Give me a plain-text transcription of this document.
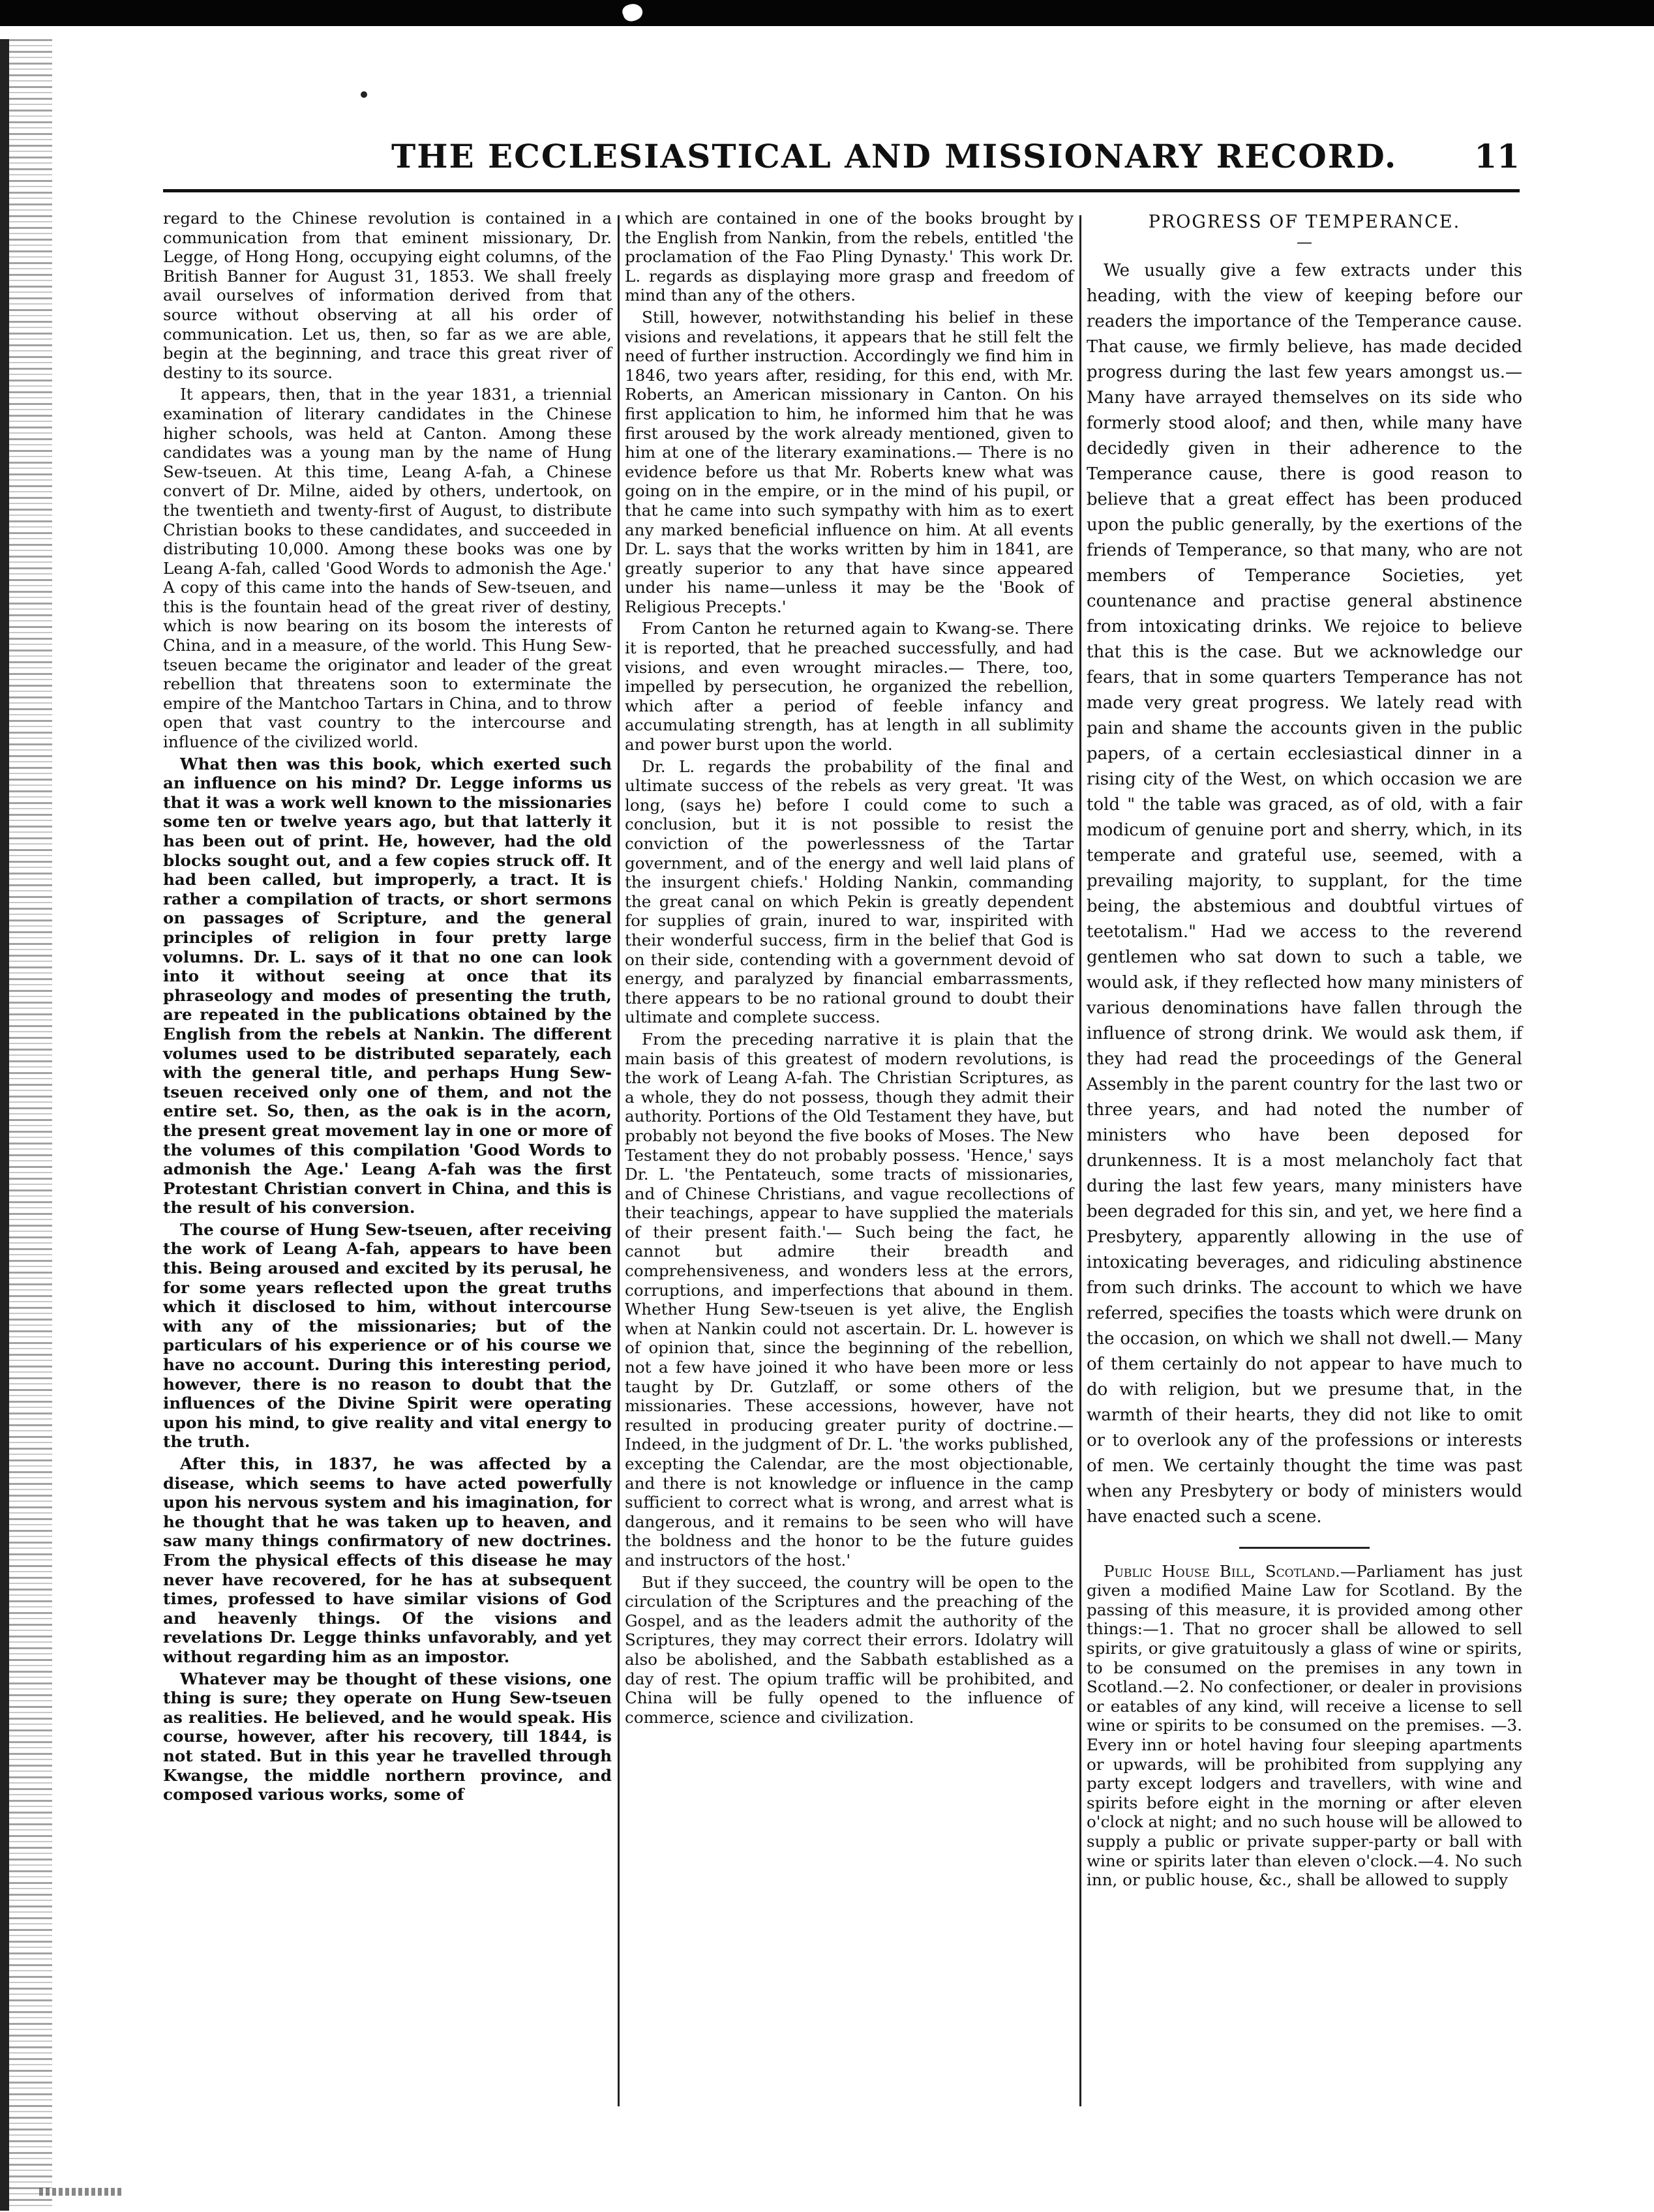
THE ECCLESIASTICAL AND MISSIONARY RECORD. 11

regard to the Chinese revolution is contained in a communication from that eminent missionary, Dr. Legge, of Hong Hong, occupying eight columns, of the British Banner for August 31, 1853. We shall freely avail ourselves of information derived from that source without observing at all his order of communication. Let us, then, so far as we are able, begin at the beginning, and trace this great river of destiny to its source.

It appears, then, that in the year 1831, a triennial examination of literary candidates in the Chinese higher schools, was held at Canton. Among these candidates was a young man by the name of Hung Sew-tseuen. At this time, Leang A-fah, a Chinese convert of Dr. Milne, aided by others, undertook, on the twentieth and twenty-first of August, to distribute Christian books to these candidates, and succeeded in distributing 10,000. Among these books was one by Leang A-fah, called 'Good Words to admonish the Age.' A copy of this came into the hands of Sew-tseuen, and this is the fountain head of the great river of destiny, which is now bearing on its bosom the interests of China, and in a measure, of the world. This Hung Sew-tseuen became the originator and leader of the great rebellion that threatens soon to exterminate the empire of the Mantchoo Tartars in China, and to throw open that vast country to the intercourse and influence of the civilized world.

What then was this book, which exerted such an influence on his mind? Dr. Legge informs us that it was a work well known to the missionaries some ten or twelve years ago, but that latterly it has been out of print. He, however, had the old blocks sought out, and a few copies struck off. It had been called, but improperly, a tract. It is rather a compilation of tracts, or short sermons on passages of Scripture, and the general principles of religion in four pretty large volumns. Dr. L. says of it that no one can look into it without seeing at once that its phraseology and modes of presenting the truth, are repeated in the publications obtained by the English from the rebels at Nankin. The different volumes used to be distributed separately, each with the general title, and perhaps Hung Sew-tseuen received only one of them, and not the entire set. So, then, as the oak is in the acorn, the present great movement lay in one or more of the volumes of this compilation 'Good Words to admonish the Age.' Leang A-fah was the first Protestant Christian convert in China, and this is the result of his conversion.

The course of Hung Sew-tseuen, after receiving the work of Leang A-fah, appears to have been this. Being aroused and excited by its perusal, he for some years reflected upon the great truths which it disclosed to him, without intercourse with any of the missionaries; but of the particulars of his experience or of his course we have no account. During this interesting period, however, there is no reason to doubt that the influences of the Divine Spirit were operating upon his mind, to give reality and vital energy to the truth.

After this, in 1837, he was affected by a disease, which seems to have acted powerfully upon his nervous system and his imagination, for he thought that he was taken up to heaven, and saw many things confirmatory of new doctrines. From the physical effects of this disease he may never have recovered, for he has at subsequent times, professed to have similar visions of God and heavenly things. Of the visions and revelations Dr. Legge thinks unfavorably, and yet without regarding him as an impostor.

Whatever may be thought of these visions, one thing is sure; they operate on Hung Sew-tseuen as realities. He believed, and he would speak. His course, however, after his recovery, till 1844, is not stated. But in this year he travelled through Kwangse, the middle northern province, and composed various works, some of

which are contained in one of the books brought by the English from Nankin, from the rebels, entitled 'the proclamation of the Fao Pling Dynasty.' This work Dr. L. regards as displaying more grasp and freedom of mind than any of the others.

Still, however, notwithstanding his belief in these visions and revelations, it appears that he still felt the need of further instruction. Accordingly we find him in 1846, two years after, residing, for this end, with Mr. Roberts, an American missionary in Canton. On his first application to him, he informed him that he was first aroused by the work already mentioned, given to him at one of the literary examinations.— There is no evidence before us that Mr. Roberts knew what was going on in the empire, or in the mind of his pupil, or that he came into such sympathy with him as to exert any marked beneficial influence on him. At all events Dr. L. says that the works written by him in 1841, are greatly superior to any that have since appeared under his name—unless it may be the 'Book of Religious Precepts.'

From Canton he returned again to Kwang-se. There it is reported, that he preached successfully, and had visions, and even wrought miracles.— There, too, impelled by persecution, he organized the rebellion, which after a period of feeble infancy and accumulating strength, has at length in all sublimity and power burst upon the world.

Dr. L. regards the probability of the final and ultimate success of the rebels as very great. 'It was long, (says he) before I could come to such a conclusion, but it is not possible to resist the conviction of the powerlessness of the Tartar government, and of the energy and well laid plans of the insurgent chiefs.' Holding Nankin, commanding the great canal on which Pekin is greatly dependent for supplies of grain, inured to war, inspirited with their wonderful success, firm in the belief that God is on their side, contending with a government devoid of energy, and paralyzed by financial embarrassments, there appears to be no rational ground to doubt their ultimate and complete success.

From the preceding narrative it is plain that the main basis of this greatest of modern revolutions, is the work of Leang A-fah. The Christian Scriptures, as a whole, they do not possess, though they admit their authority. Portions of the Old Testament they have, but probably not beyond the five books of Moses. The New Testament they do not probably possess. 'Hence,' says Dr. L. 'the Pentateuch, some tracts of missionaries, and of Chinese Christians, and vague recollections of their teachings, appear to have supplied the materials of their present faith.'— Such being the fact, he cannot but admire their breadth and comprehensiveness, and wonders less at the errors, corruptions, and imperfections that abound in them. Whether Hung Sew-tseuen is yet alive, the English when at Nankin could not ascertain. Dr. L. however is of opinion that, since the beginning of the rebellion, not a few have joined it who have been more or less taught by Dr. Gutzlaff, or some others of the missionaries. These accessions, however, have not resulted in producing greater purity of doctrine.— Indeed, in the judgment of Dr. L. 'the works published, excepting the Calendar, are the most objectionable, and there is not knowledge or influence in the camp sufficient to correct what is wrong, and arrest what is dangerous, and it remains to be seen who will have the boldness and the honor to be the future guides and instructors of the host.'

But if they succeed, the country will be open to the circulation of the Scriptures and the preaching of the Gospel, and as the leaders admit the authority of the Scriptures, they may correct their errors. Idolatry will also be abolished, and the Sabbath established as a day of rest. The opium traffic will be prohibited, and China will be fully opened to the influence of commerce, science and civilization.

PROGRESS OF TEMPERANCE.
—

We usually give a few extracts under this heading, with the view of keeping before our readers the importance of the Temperance cause. That cause, we firmly believe, has made decided progress during the last few years amongst us.— Many have arrayed themselves on its side who formerly stood aloof; and then, while many have decidedly given in their adherence to the Temperance cause, there is good reason to believe that a great effect has been produced upon the public generally, by the exertions of the friends of Temperance, so that many, who are not members of Temperance Societies, yet countenance and practise general abstinence from intoxicating drinks. We rejoice to believe that this is the case. But we acknowledge our fears, that in some quarters Temperance has not made very great progress. We lately read with pain and shame the accounts given in the public papers, of a certain ecclesiastical dinner in a rising city of the West, on which occasion we are told " the table was graced, as of old, with a fair modicum of genuine port and sherry, which, in its temperate and grateful use, seemed, with a prevailing majority, to supplant, for the time being, the abstemious and doubtful virtues of teetotalism." Had we access to the reverend gentlemen who sat down to such a table, we would ask, if they reflected how many ministers of various denominations have fallen through the influence of strong drink. We would ask them, if they had read the proceedings of the General Assembly in the parent country for the last two or three years, and had noted the number of ministers who have been deposed for drunkenness. It is a most melancholy fact that during the last few years, many ministers have been degraded for this sin, and yet, we here find a Presbytery, apparently allowing in the use of intoxicating beverages, and ridiculing abstinence from such drinks. The account to which we have referred, specifies the toasts which were drunk on the occasion, on which we shall not dwell.— Many of them certainly do not appear to have much to do with religion, but we presume that, in the warmth of their hearts, they did not like to omit or to overlook any of the professions or interests of men. We certainly thought the time was past when any Presbytery or body of ministers would have enacted such a scene.

Public House Bill, Scotland.—Parliament has just given a modified Maine Law for Scotland. By the passing of this measure, it is provided among other things:—1. That no grocer shall be allowed to sell spirits, or give gratuitously a glass of wine or spirits, to be consumed on the premises in any town in Scotland.—2. No confectioner, or dealer in provisions or eatables of any kind, will receive a license to sell wine or spirits to be consumed on the premises. —3. Every inn or hotel having four sleeping apartments or upwards, will be prohibited from supplying any party except lodgers and travellers, with wine and spirits before eight in the morning or after eleven o'clock at night; and no such house will be allowed to supply a public or private supper-party or ball with wine or spirits later than eleven o'clock.—4. No such inn, or public house, &c., shall be allowed to supply
